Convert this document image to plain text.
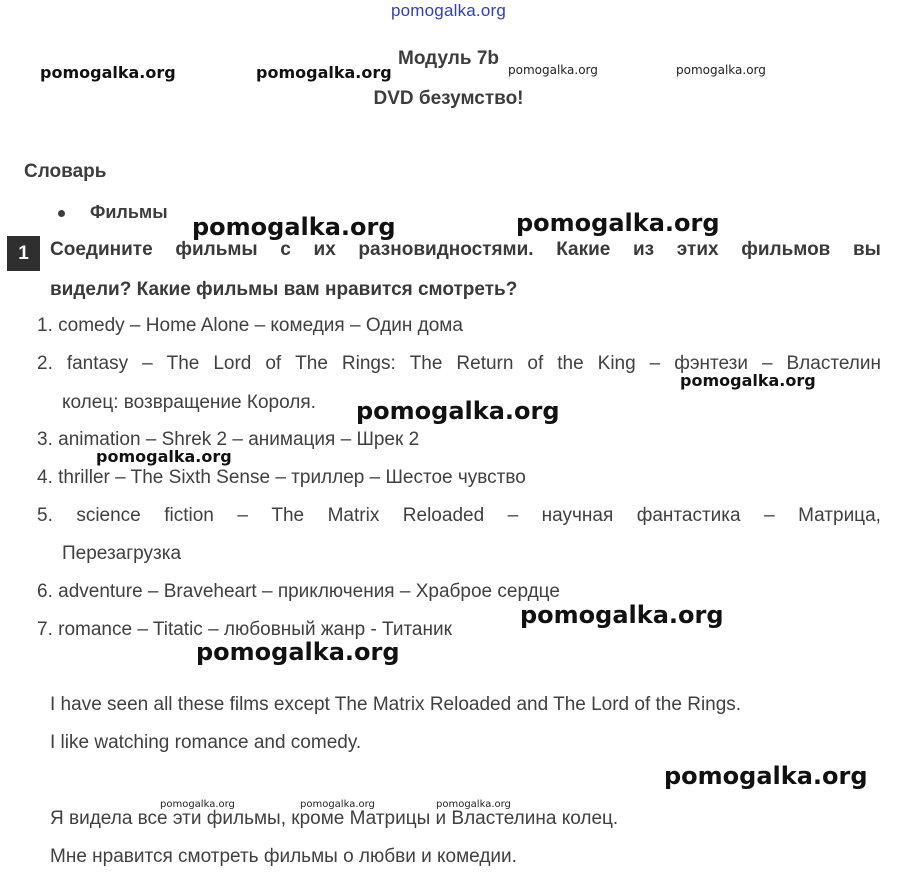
pomogalka.org
Модуль 7b
DVD безумство!
pomogalka.org	pomogalka.org	pomogalka.org	pomogalka.org
Словарь
Фильмы
pomogalka.org	pomogalka.org
1	Соедините фильмы с их разновидностями. Какие из этих фильмов вы
видели? Какие фильмы вам нравится смотреть?
1. comedy – Home Alone – комедия – Один дома
2. fantasy – The Lord of The Rings: The Return of the King – фэнтези – Властелин
колец: возвращение Короля.
pomogalka.org
pomogalka.org
3. animation – Shrek 2 – анимация – Шрек 2
pomogalka.org
4. thriller – The Sixth Sense – триллер – Шестое чувство
5. science fiction – The Matrix Reloaded – научная фантастика – Матрица,
Перезагрузка
6. adventure – Braveheart – приключения – Храброе сердце
7. romance – Titatic – любовный жанр - Титаник
pomogalka.org
pomogalka.org
I have seen all these films except The Matrix Reloaded and The Lord of the Rings.
I like watching romance and comedy.
pomogalka.org
pomogalka.org	pomogalka.org	pomogalka.org
Я видела все эти фильмы, кроме Матрицы и Властелина колец.
Мне нравится смотреть фильмы о любви и комедии.
